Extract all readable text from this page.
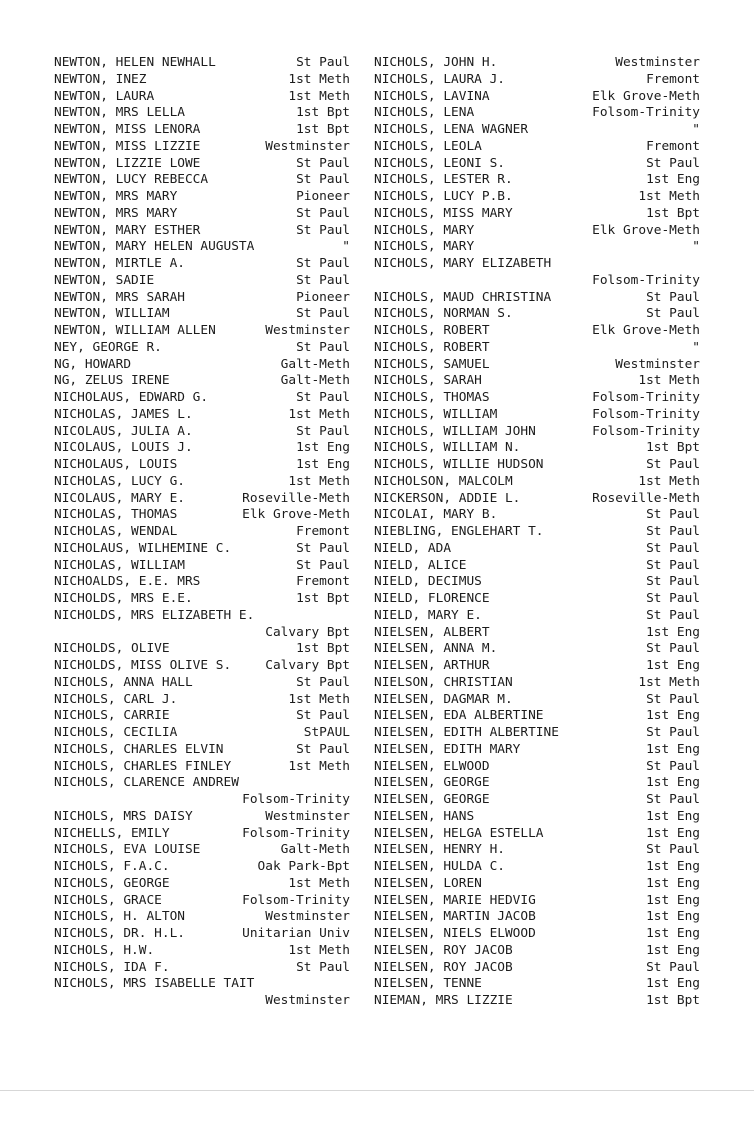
NEWTON, HELEN NEWHALL	St Paul
NEWTON, INEZ	1st Meth
NEWTON, LAURA	1st Meth
NEWTON, MRS LELLA	1st Bpt
NEWTON, MISS LENORA	1st Bpt
NEWTON, MISS LIZZIE	Westminster
NEWTON, LIZZIE LOWE	St Paul
NEWTON, LUCY REBECCA	St Paul
NEWTON, MRS MARY	Pioneer
NEWTON, MRS MARY	St Paul
NEWTON, MARY ESTHER	St Paul
NEWTON, MARY HELEN AUGUSTA	"
NEWTON, MIRTLE A.	St Paul
NEWTON, SADIE	St Paul
NEWTON, MRS SARAH	Pioneer
NEWTON, WILLIAM	St Paul
NEWTON, WILLIAM ALLEN	Westminster
NEY, GEORGE R.	St Paul
NG, HOWARD	Galt-Meth
NG, ZELUS IRENE	Galt-Meth
NICHOLAUS, EDWARD G.	St Paul
NICHOLAS, JAMES L.	1st Meth
NICOLAUS, JULIA A.	St Paul
NICOLAUS, LOUIS J.	1st Eng
NICHOLAUS, LOUIS	1st Eng
NICHOLAS, LUCY G.	1st Meth
NICOLAUS, MARY E.	Roseville-Meth
NICHOLAS, THOMAS	Elk Grove-Meth
NICHOLAS, WENDAL	Fremont
NICHOLAUS, WILHEMINE C.	St Paul
NICHOLAS, WILLIAM	St Paul
NICHOALDS, E.E. MRS	Fremont
NICHOLDS, MRS E.E.	1st Bpt
NICHOLDS, MRS ELIZABETH E.
Calvary Bpt
NICHOLDS, OLIVE	1st Bpt
NICHOLDS, MISS OLIVE S.	Calvary Bpt
NICHOLS, ANNA HALL	St Paul
NICHOLS, CARL J.	1st Meth
NICHOLS, CARRIE	St Paul
NICHOLS, CECILIA	StPAUL
NICHOLS, CHARLES ELVIN	St Paul
NICHOLS, CHARLES FINLEY	1st Meth
NICHOLS, CLARENCE ANDREW
Folsom-Trinity
NICHOLS, MRS DAISY	Westminster
NICHELLS, EMILY	Folsom-Trinity
NICHOLS, EVA LOUISE	Galt-Meth
NICHOLS, F.A.C.	Oak Park-Bpt
NICHOLS, GEORGE	1st Meth
NICHOLS, GRACE	Folsom-Trinity
NICHOLS, H. ALTON	Westminster
NICHOLS, DR. H.L.	Unitarian Univ
NICHOLS, H.W.	1st Meth
NICHOLS, IDA F.	St Paul
NICHOLS, MRS ISABELLE TAIT
Westminster
NICHOLS, JOHN H.	Westminster
NICHOLS, LAURA J.	Fremont
NICHOLS, LAVINA	Elk Grove-Meth
NICHOLS, LENA	Folsom-Trinity
NICHOLS, LENA WAGNER	"
NICHOLS, LEOLA	Fremont
NICHOLS, LEONI S.	St Paul
NICHOLS, LESTER R.	1st Eng
NICHOLS, LUCY P.B.	1st Meth
NICHOLS, MISS MARY	1st Bpt
NICHOLS, MARY	Elk Grove-Meth
NICHOLS, MARY	"
NICHOLS, MARY ELIZABETH
Folsom-Trinity
NICHOLS, MAUD CHRISTINA	St Paul
NICHOLS, NORMAN S.	St Paul
NICHOLS, ROBERT	Elk Grove-Meth
NICHOLS, ROBERT	"
NICHOLS, SAMUEL	Westminster
NICHOLS, SARAH	1st Meth
NICHOLS, THOMAS	Folsom-Trinity
NICHOLS, WILLIAM	Folsom-Trinity
NICHOLS, WILLIAM JOHN	Folsom-Trinity
NICHOLS, WILLIAM N.	1st Bpt
NICHOLS, WILLIE HUDSON	St Paul
NICHOLSON, MALCOLM	1st Meth
NICKERSON, ADDIE L.	Roseville-Meth
NICOLAI, MARY B.	St Paul
NIEBLING, ENGLEHART T.	St Paul
NIELD, ADA	St Paul
NIELD, ALICE	St Paul
NIELD, DECIMUS	St Paul
NIELD, FLORENCE	St Paul
NIELD, MARY E.	St Paul
NIELSEN, ALBERT	1st Eng
NIELSEN, ANNA M.	St Paul
NIELSEN, ARTHUR	1st Eng
NIELSON, CHRISTIAN	1st Meth
NIELSEN, DAGMAR M.	St Paul
NIELSEN, EDA ALBERTINE	1st Eng
NIELSEN, EDITH ALBERTINE	St Paul
NIELSEN, EDITH MARY	1st Eng
NIELSEN, ELWOOD	St Paul
NIELSEN, GEORGE	1st Eng
NIELSEN, GEORGE	St Paul
NIELSEN, HANS	1st Eng
NIELSEN, HELGA ESTELLA	1st Eng
NIELSEN, HENRY H.	St Paul
NIELSEN, HULDA C.	1st Eng
NIELSEN, LOREN	1st Eng
NIELSEN, MARIE HEDVIG	1st Eng
NIELSEN, MARTIN JACOB	1st Eng
NIELSEN, NIELS ELWOOD	1st Eng
NIELSEN, ROY JACOB	1st Eng
NIELSEN, ROY JACOB	St Paul
NIELSEN, TENNE	1st Eng
NIEMAN, MRS LIZZIE	1st Bpt
